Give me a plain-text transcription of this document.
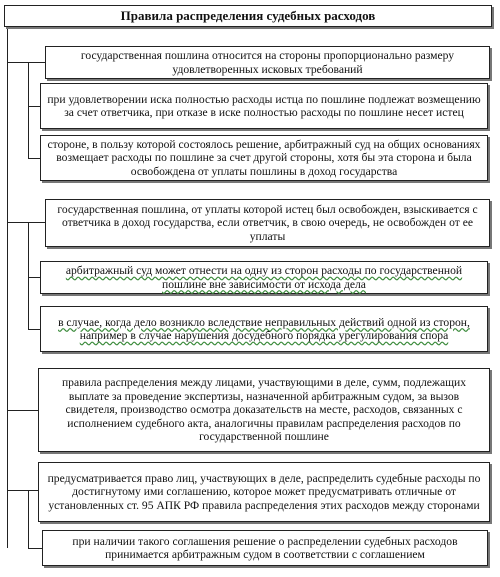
Правила распределения судебных расходов
государственная пошлина относится на стороны пропорционально размеру удовлетворенных исковых требований
при удовлетворении иска полностью расходы истца по пошлине подлежат возмещению за счет ответчика, при отказе в иске полностью расходы по пошлине несет истец
стороне, в пользу которой состоялось решение, арбитражный суд на общих основаниях возмещает расходы по пошлине за счет другой стороны, хотя бы эта сторона и была освобождена от уплаты пошлины в доход государства
государственная пошлина, от уплаты которой истец был освобожден, взыскивается с ответчика в доход государства, если ответчик, в свою очередь, не освобожден от ее уплаты
арбитражный суд может отнести на одну из сторон расходы по государственной пошлине вне зависимости от исхода дела
в случае, когда дело возникло вследствие неправильных действий одной из сторон, например в случае нарушения досудебного порядка урегулирования спора
правила распределения между лицами, участвующими в деле, сумм, подлежащих выплате за проведение экспертизы, назначенной арбитражным судом, за вызов свидетеля, производство осмотра доказательств на месте, расходов, связанных с исполнением судебного акта, аналогичны правилам распределения расходов по государственной пошлине
предусматривается право лиц, участвующих в деле, распределить судебные расходы по достигнутому ими соглашению, которое может предусматривать отличные от установленных ст. 95 АПК РФ правила распределения этих расходов между сторонами
при наличии такого соглашения решение о распределении судебных расходов принимается арбитражным судом в соответствии с соглашением
